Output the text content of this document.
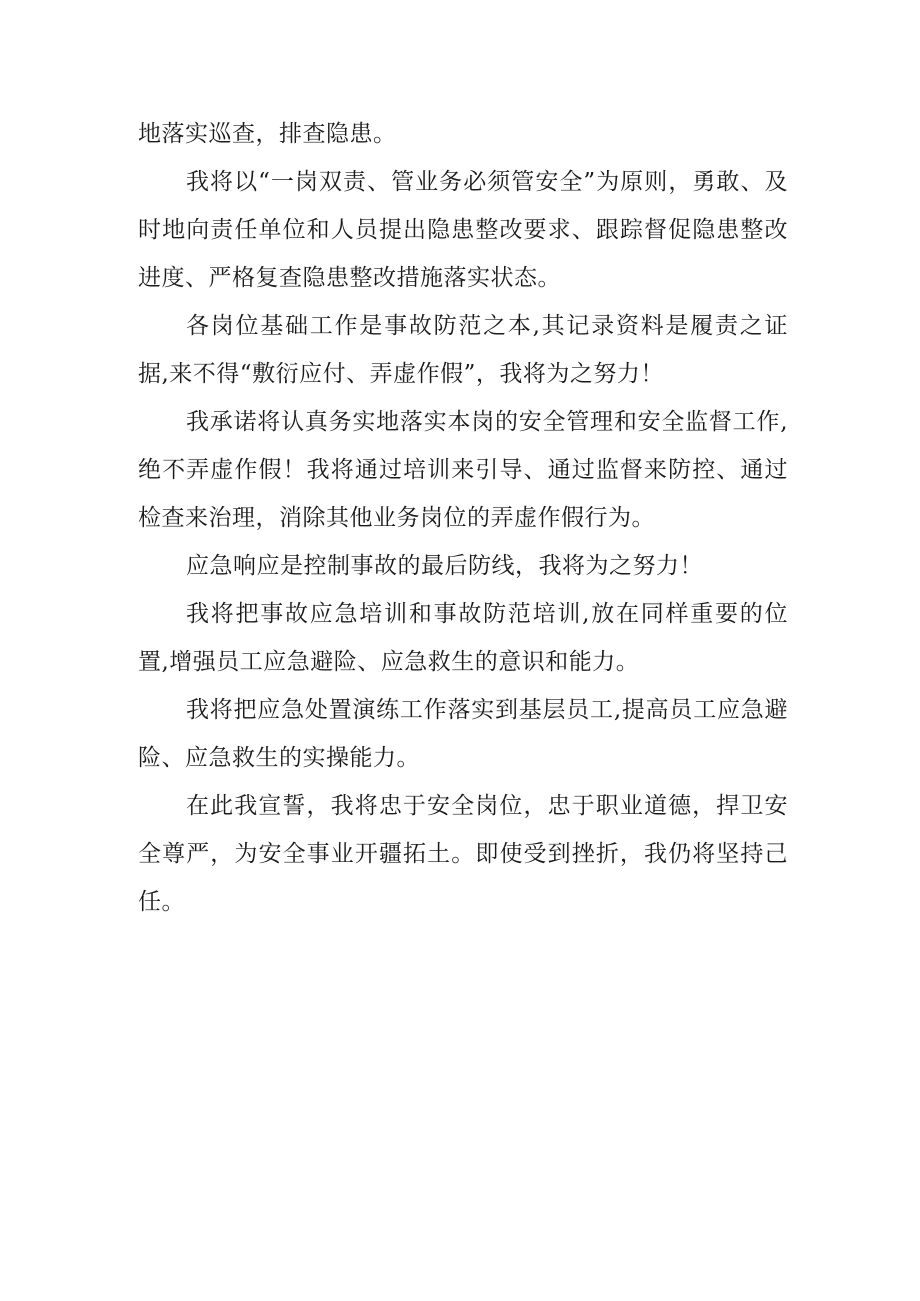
地落实巡查，排查隐患。

我将以“一岗双责、管业务必须管安全”为原则，勇敢、及时地向责任单位和人员提出隐患整改要求、跟踪督促隐患整改进度、严格复查隐患整改措施落实状态。

各岗位基础工作是事故防范之本,其记录资料是履责之证据,来不得“敷衍应付、弄虚作假”，我将为之努力！

我承诺将认真务实地落实本岗的安全管理和安全监督工作,绝不弄虚作假！我将通过培训来引导、通过监督来防控、通过检查来治理，消除其他业务岗位的弄虚作假行为。

应急响应是控制事故的最后防线，我将为之努力！

我将把事故应急培训和事故防范培训,放在同样重要的位置,增强员工应急避险、应急救生的意识和能力。

我将把应急处置演练工作落实到基层员工,提高员工应急避险、应急救生的实操能力。

在此我宣誓，我将忠于安全岗位，忠于职业道德，捍卫安全尊严，为安全事业开疆拓土。即使受到挫折，我仍将坚持己任。
